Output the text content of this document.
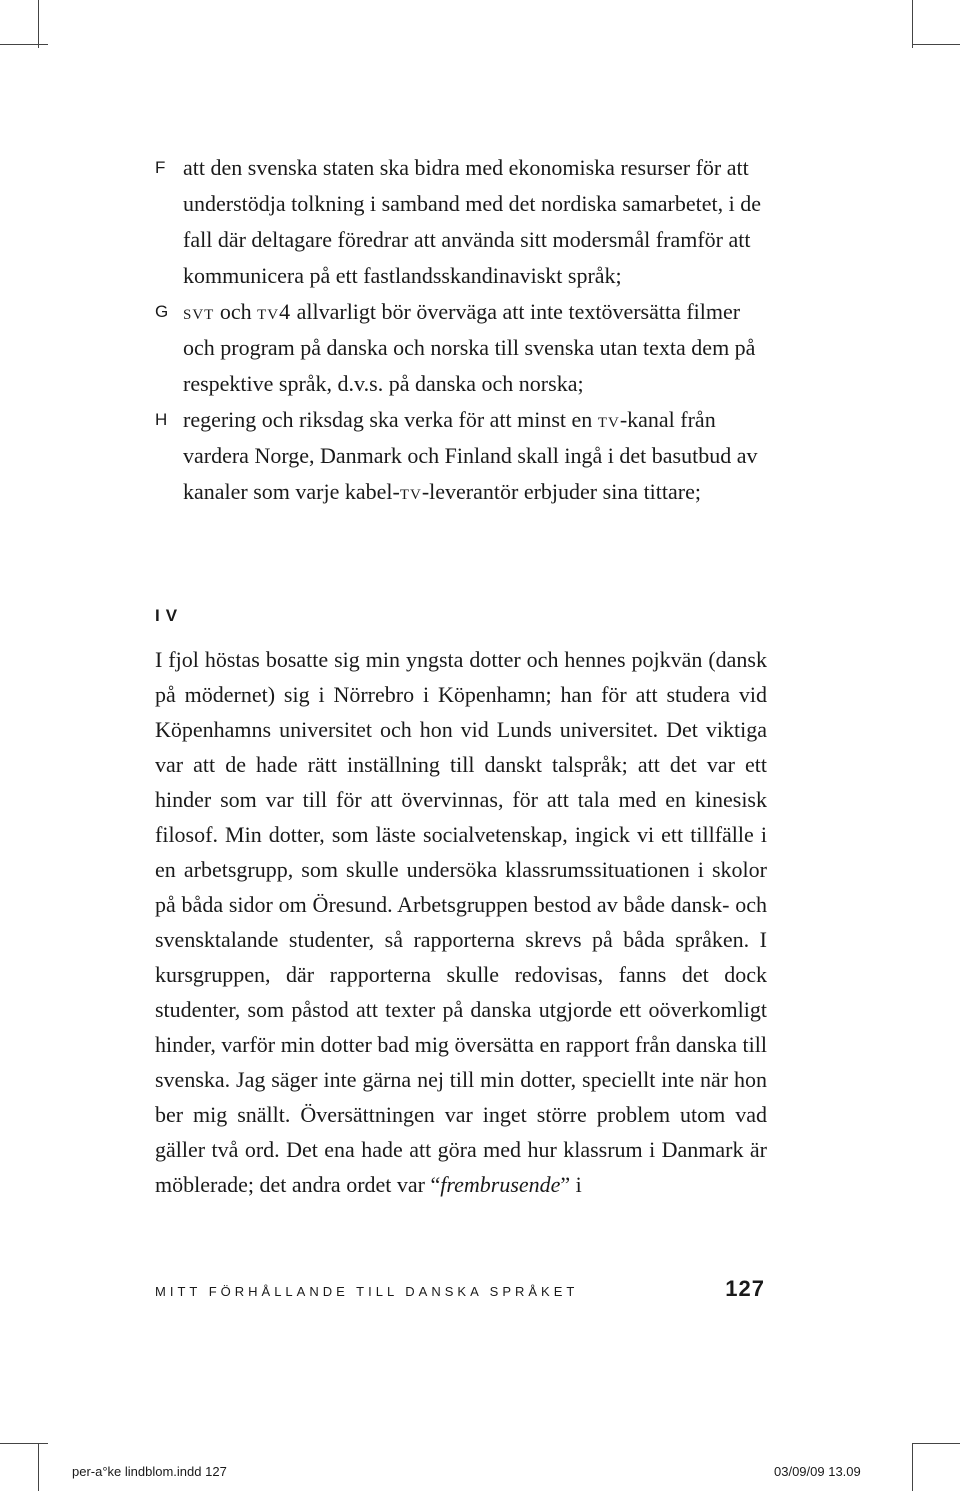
F att den svenska staten ska bidra med ekonomiska resurser för att understödja tolkning i samband med det nordiska samarbetet, i de fall där deltagare föredrar att använda sitt modersmål framför att kommunicera på ett fastlandsskandinaviskt språk;
G svt och tv4 allvarligt bör överväga att inte textöversätta filmer och program på danska och norska till svenska utan texta dem på respektive språk, d.v.s. på danska och norska;
H regering och riksdag ska verka för att minst en tv-kanal från vardera Norge, Danmark och Finland skall ingå i det basutbud av kanaler som varje kabel-tv-leverantör erbjuder sina tittare;
IV
I fjol höstas bosatte sig min yngsta dotter och hennes pojkvän (dansk på mödernet) sig i Nörrebro i Köpenhamn; han för att studera vid Köpenhamns universitet och hon vid Lunds universitet. Det viktiga var att de hade rätt inställning till danskt talspråk; att det var ett hinder som var till för att övervinnas, för att tala med en kinesisk filosof. Min dotter, som läste socialvetenskap, ingick vi ett tillfälle i en arbetsgrupp, som skulle undersöka klassrumssituationen i skolor på båda sidor om Öresund. Arbetsgruppen bestod av både dansk- och svensktalande studenter, så rapporterna skrevs på båda språken. I kursgruppen, där rapporterna skulle redovisas, fanns det dock studenter, som påstod att texter på danska utgjorde ett oöverkomligt hinder, varför min dotter bad mig översätta en rapport från danska till svenska. Jag säger inte gärna nej till min dotter, speciellt inte när hon ber mig snällt. Översättningen var inget större problem utom vad gäller två ord. Det ena hade att göra med hur klassrum i Danmark är möblerade; det andra ordet var “frembrusende” i
MITT FÖRHÅLLANDE TILL DANSKA SPRÅKET	127
per-a°ke lindblom.indd 127	03/09/09 13.09
